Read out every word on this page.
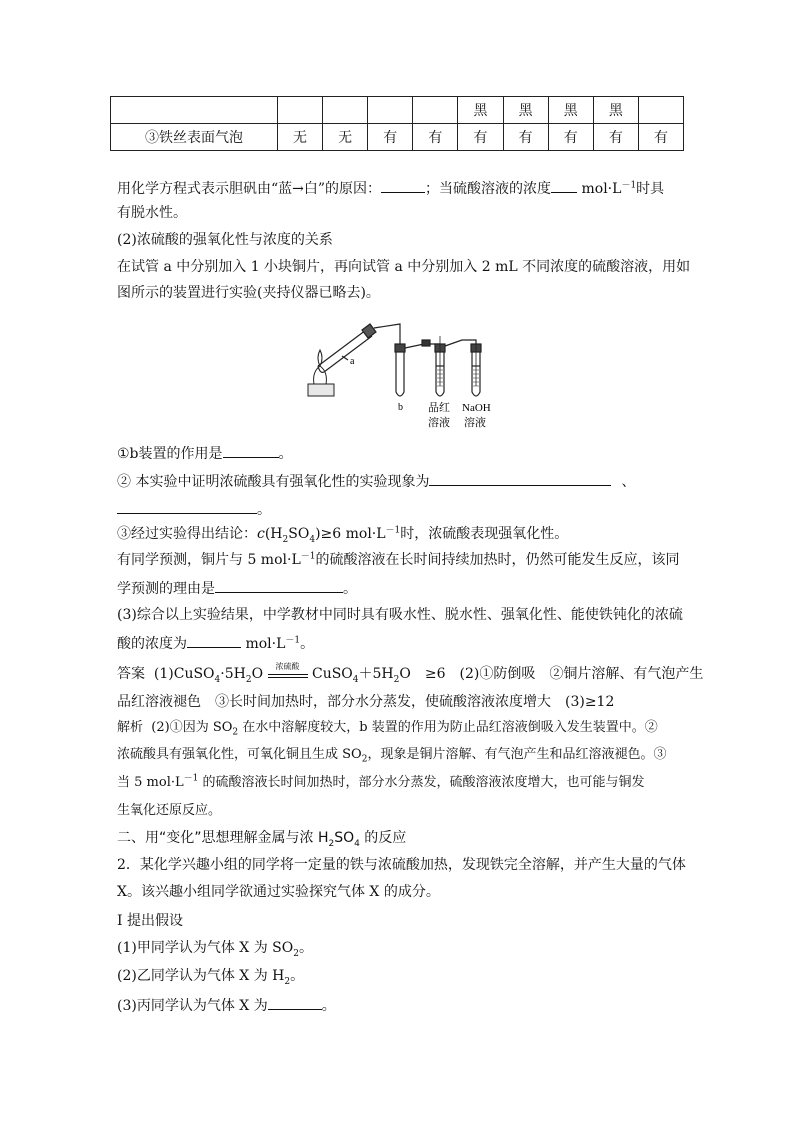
					黑	黑	黑	黑	
③铁丝表面气泡	无	无	有	有	有	有	有	有	有
用化学方程式表示胆矾由“蓝→白”的原因：	；当硫酸溶液的浓度 $mol\cdot L^{-1}$时具
有脱水性。
(2)浓硫酸的强氧化性与浓度的关系
在试管 a 中分别加入 1 小块铜片，再向试管 a 中分别加入 2 mL 不同浓度的硫酸溶液，用如
图所示的装置进行实验(夹持仪器已略去)。
a
b 品红
溶液
NaOH
溶液
①b装置的作用是	。
② 本实验中证明浓硫酸具有强氧化性的实验现象为	、
。
③经过实验得出结论：$c(H_2SO_4)\ge 6$ $mol\cdot L^{-1}$时，浓硫酸表现强氧化性。
有同学预测，铜片与 5 $mol\cdot L^{-1}$的硫酸溶液在长时间持续加热时，仍然可能发生反应，该同
学预测的理由是	。
(3)综合以上实验结果，中学教材中同时具有吸水性、脱水性、强氧化性、能使铁钝化的浓硫
酸的浓度为	$mol\cdot L^{-1}$。
答案 $(1)CuSO_4\cdot 5H_2O$	浓硫酸 $CuSO_4+5H_2O$　≥6　(2)①防倒吸　②铜片溶解、有气泡产生
品红溶液褪色　③长时间加热时，部分水分蒸发，使硫酸溶液浓度增大　(3)≥12
解析 (2)①因为 $SO_2$ 在水中溶解度较大，b 装置的作用为防止品红溶液倒吸入发生装置中。②
浓硫酸具有强氧化性，可氧化铜且生成 $SO_2$，现象是铜片溶解、有气泡产生和品红溶液褪色。③
当 5 $mol\cdot L^{-1}$ 的硫酸溶液长时间加热时，部分水分蒸发，硫酸溶液浓度增大，也可能与铜发
生氧化还原反应。
二、用“变化”思想理解金属与浓 $H_2SO_4$ 的反应
2．某化学兴趣小组的同学将一定量的铁与浓硫酸加热，发现铁完全溶解，并产生大量的气体
X。该兴趣小组同学欲通过实验探究气体 X 的成分。
Ⅰ 提出假设
(1)甲同学认为气体 X 为 $SO_2$。
(2)乙同学认为气体 X 为 $H_2$。
(3)丙同学认为气体 X 为	。
